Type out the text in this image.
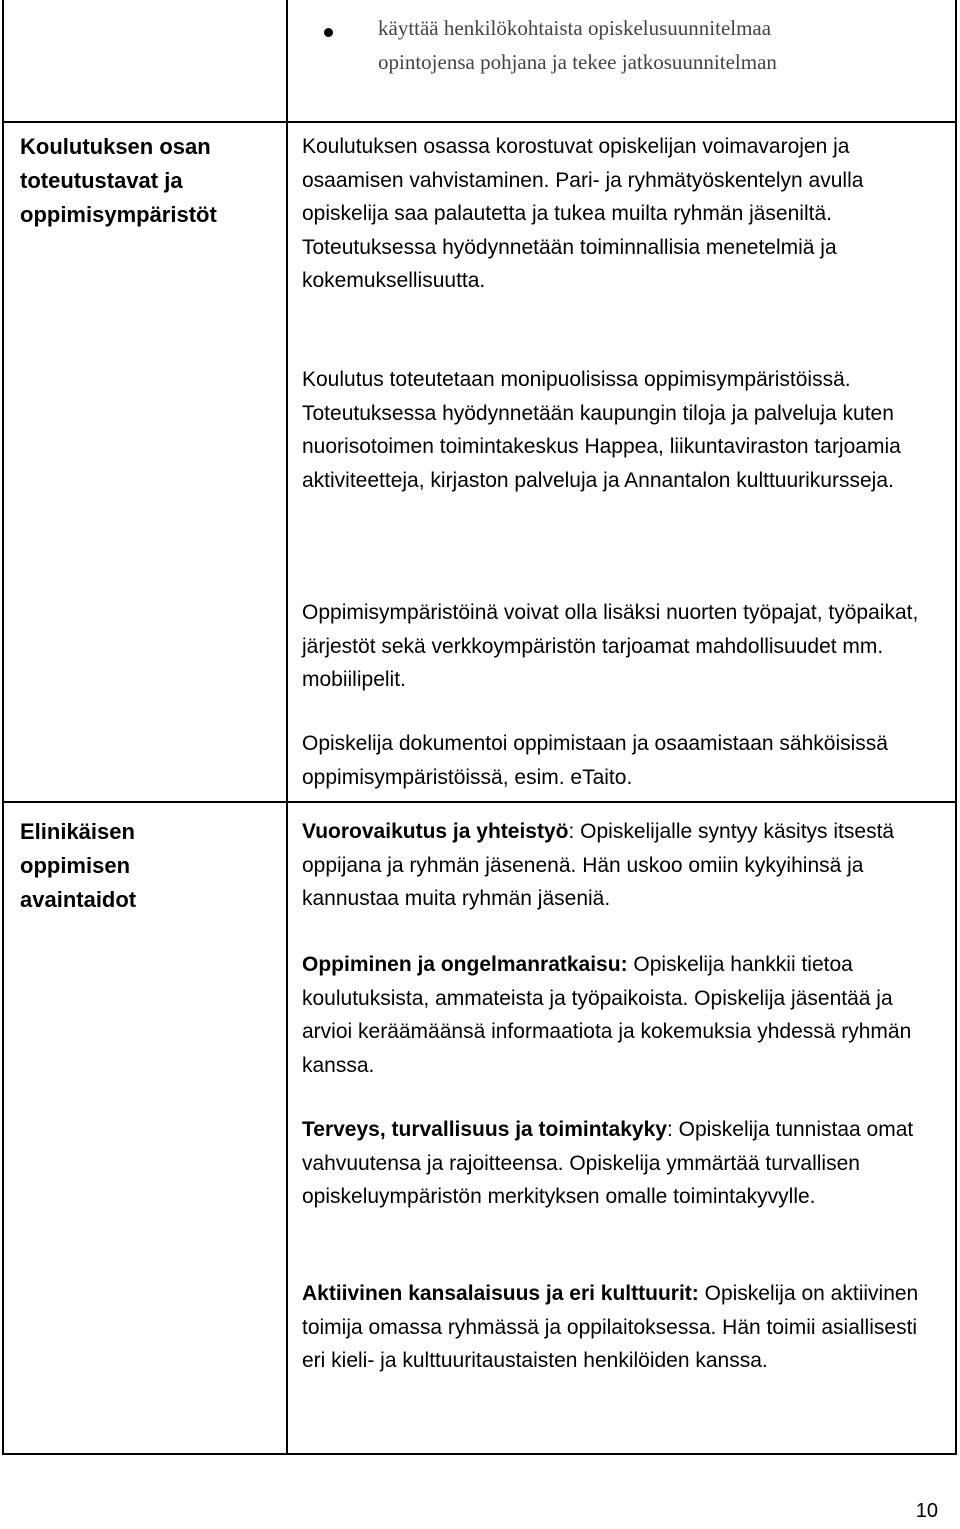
käyttää henkilökohtaista opiskelusuunnitelmaa
opintojensa pohjana ja tekee jatkosuunnitelman
Koulutuksen osan
toteutustavat ja
oppimisympäristöt

Koulutuksen osassa korostuvat opiskelijan voimavarojen ja osaamisen vahvistaminen. Pari- ja ryhmätyöskentelyn avulla opiskelija saa palautetta ja tukea muilta ryhmän jäseniltä. Toteutuksessa hyödynnetään toiminnallisia menetelmiä ja kokemuksellisuutta.

Koulutus toteutetaan monipuolisissa oppimisympäristöissä. Toteutuksessa hyödynnetään kaupungin tiloja ja palveluja kuten nuorisotoimen toimintakeskus Happea, liikuntaviraston tarjoamia aktiviteetteja, kirjaston palveluja ja Annantalon kulttuurikursseja.

Oppimisympäristöinä voivat olla lisäksi nuorten työpajat, työpaikat, järjestöt sekä verkkoympäristön tarjoamat mahdollisuudet mm. mobiilipelit.

Opiskelija dokumentoi oppimistaan ja osaamistaan sähköisissä oppimisympäristöissä, esim. eTaito.

Elinikäisen
oppimisen
avaintaidot

Vuorovaikutus ja yhteistyö: Opiskelijalle syntyy käsitys itsestä oppijana ja ryhmän jäsenenä. Hän uskoo omiin kykyihinsä ja kannustaa muita ryhmän jäseniä.

Oppiminen ja ongelmanratkaisu: Opiskelija hankkii tietoa koulutuksista, ammateista ja työpaikoista. Opiskelija jäsentää ja arvioi keräämäänsä informaatiota ja kokemuksia yhdessä ryhmän kanssa.

Terveys, turvallisuus ja toimintakyky: Opiskelija tunnistaa omat vahvuutensa ja rajoitteensa. Opiskelija ymmärtää turvallisen opiskeluympäristön merkityksen omalle toimintakyvylle.

Aktiivinen kansalaisuus ja eri kulttuurit: Opiskelija on aktiivinen toimija omassa ryhmässä ja oppilaitoksessa. Hän toimii asiallisesti eri kieli- ja kulttuuritaustaisten henkilöiden kanssa.

10
